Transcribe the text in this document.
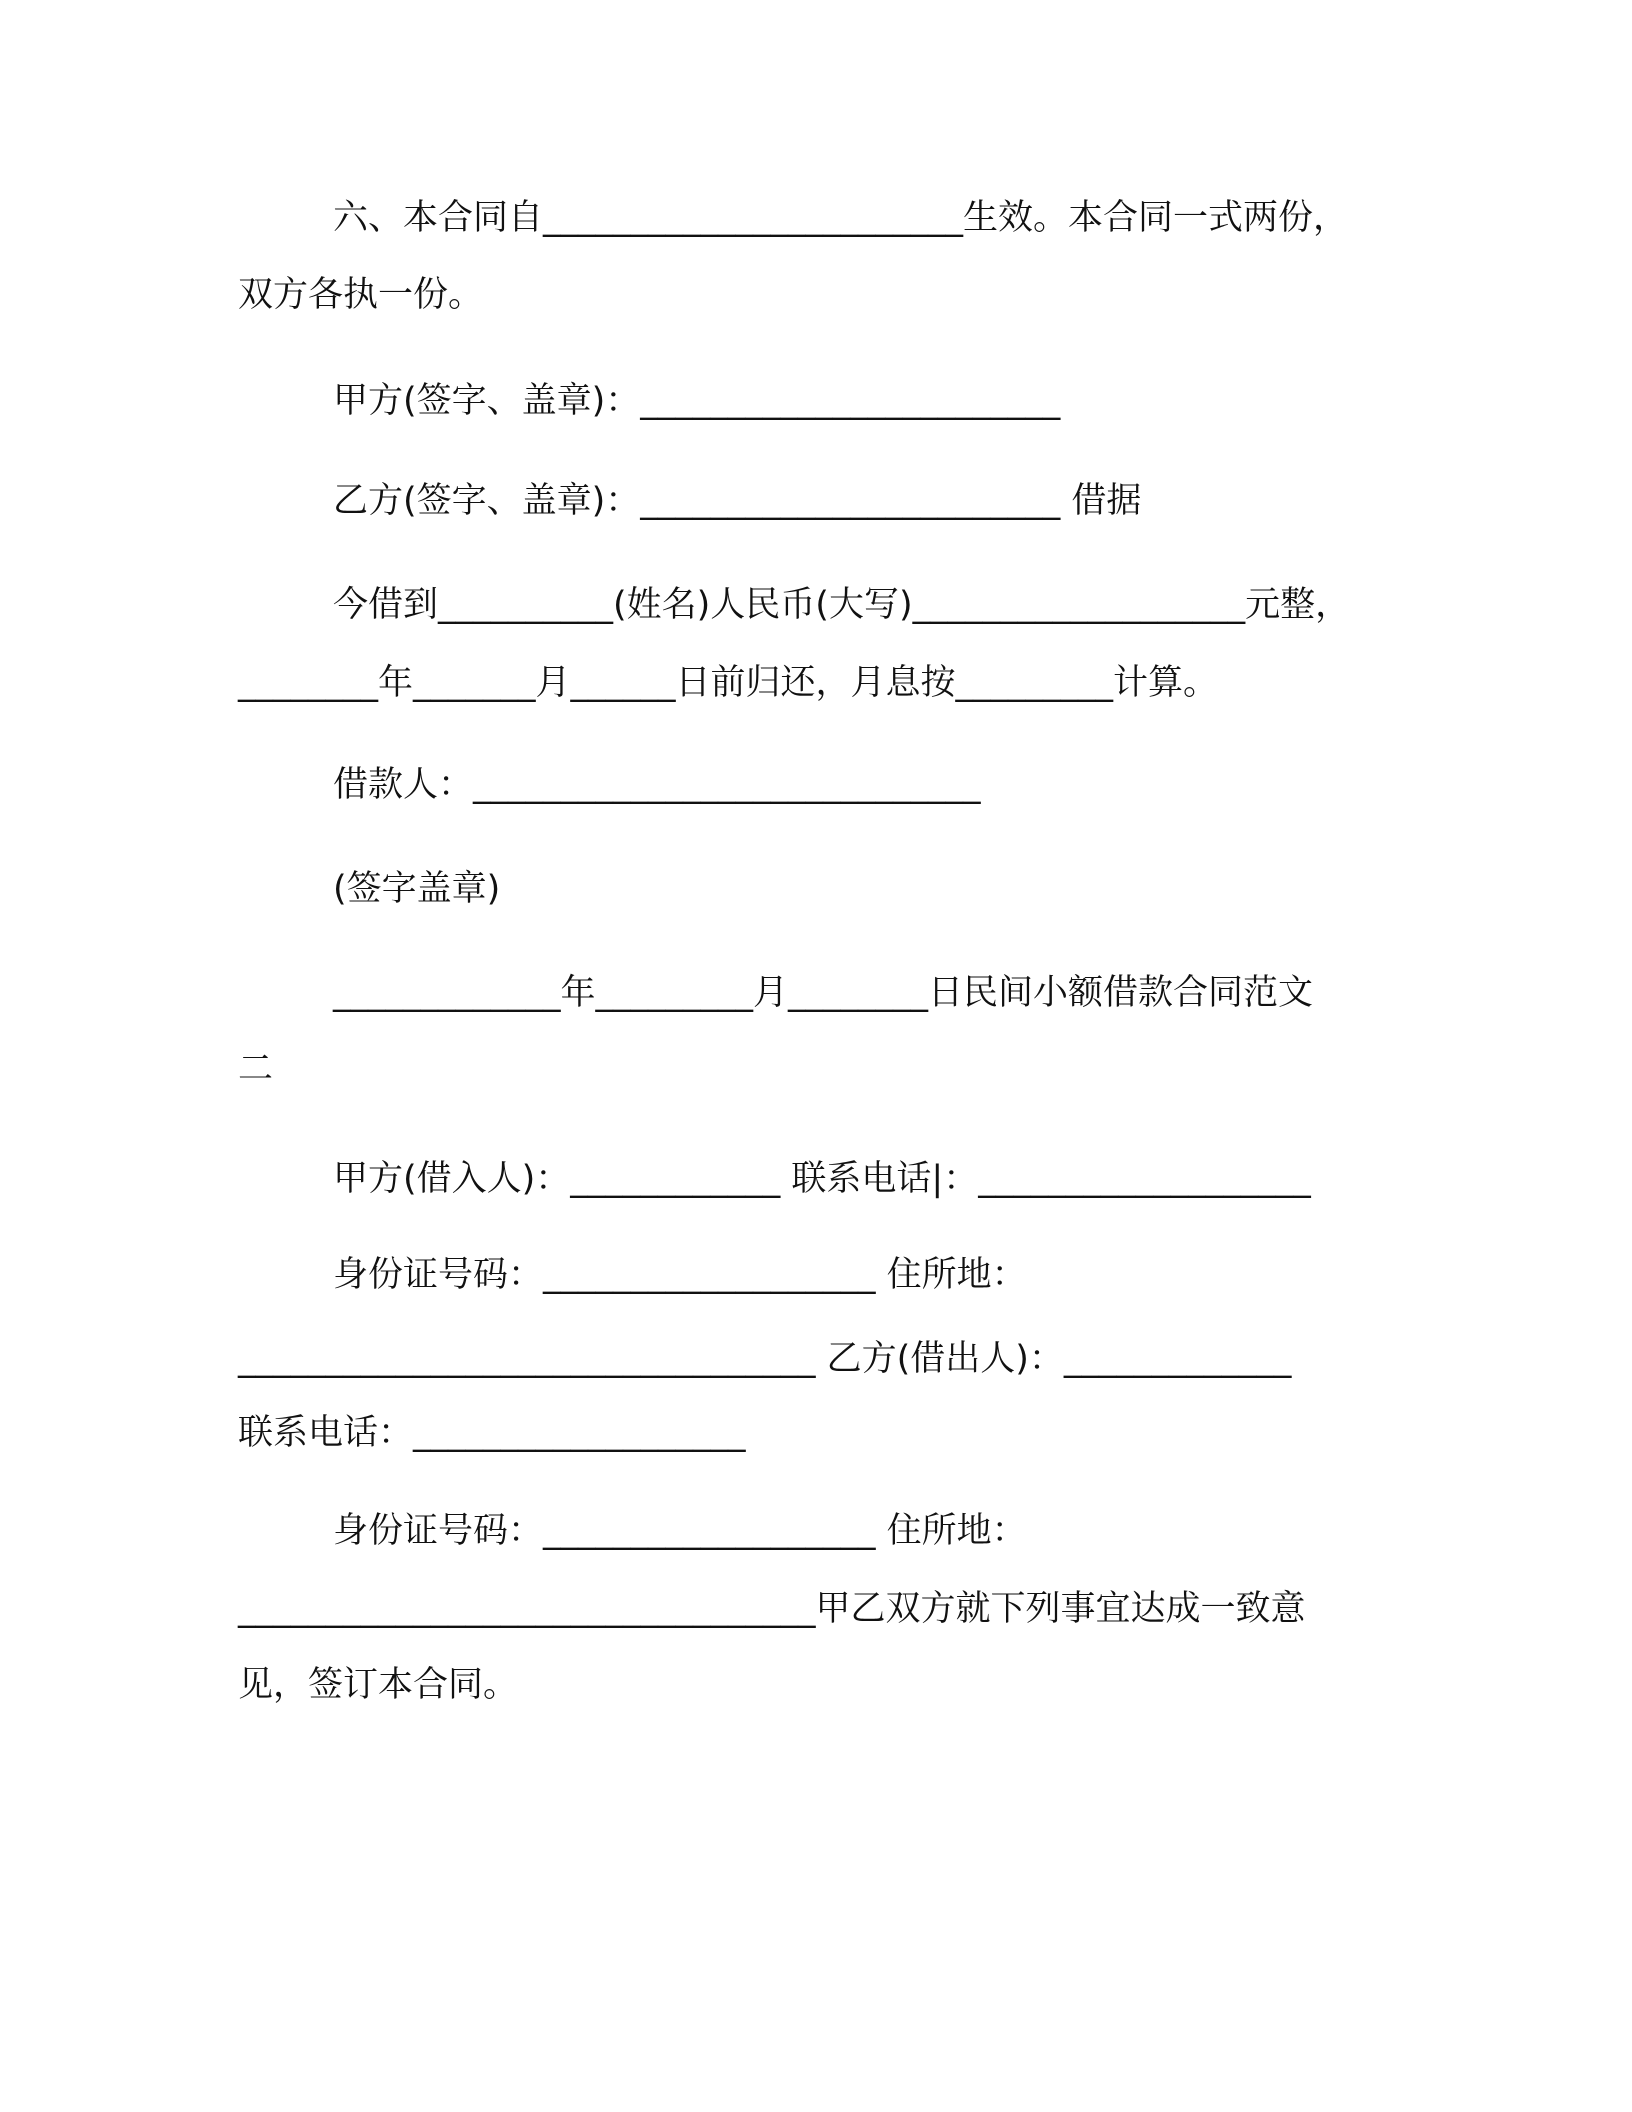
六、本合同自________________________生效。本合同一式两份，
双方各执一份。
甲方(签字、盖章)：________________________
乙方(签字、盖章)：________________________ 借据
今借到__________(姓名)人民币(大写)___________________元整，
________年_______月______日前归还，月息按_________计算。
借款人：_____________________________
(签字盖章)
_____________年_________月________日民间小额借款合同范文
二
甲方(借入人)：____________ 联系电话|：___________________
身份证号码：___________________ 住所地：
_________________________________ 乙方(借出人)：_____________
联系电话：___________________
身份证号码：___________________ 住所地：
_________________________________甲乙双方就下列事宜达成一致意
见，签订本合同。
